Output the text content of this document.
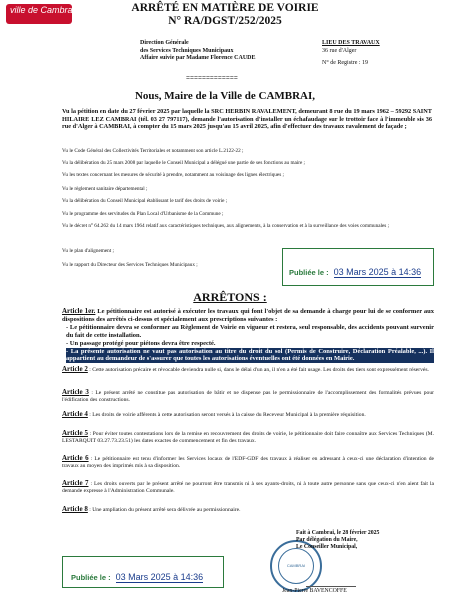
ville de Cambrai	ARRÊTÉ EN MATIÈRE DE VOIRIE
N° RA/DGST/252/2025
Direction Générale
des Services Techniques Municipaux
Affaire suivie par Madame Florence CAUDE
LIEU DES TRAVAUX
36 rue d'Alger
N° de Registre : 19
=============
Nous, Maire de la Ville de CAMBRAI,
Vu la pétition en date du 27 février 2025 par laquelle la SRC HERBIN RAVALEMENT, demeurant 8 rue du 19 mars 1962 – 59292 SAINT HILAIRE LEZ CAMBRAI (tél. 03 27 797117), demande l'autorisation d'installer un échafaudage sur le trottoir face à l'immeuble sis 36 rue d'Alger à CAMBRAI, à compter du 15 mars 2025 jusqu'au 15 avril 2025, afin d'effectuer des travaux ravalement de façade ;
Vu le Code Général des Collectivités Territoriales et notamment son article L.2122-22 ;
Vu la délibération du 25 mars 2008 par laquelle le Conseil Municipal a délégué une partie de ses fonctions au maire ;
Vu les textes concernant les mesures de sécurité à prendre, notamment au voisinage des lignes électriques ;
Vu le règlement sanitaire départemental ;
Vu la délibération du Conseil Municipal établissant le tarif des droits de voirie ;
Vu le programme des servitudes du Plan Local d'Urbanisme de la Commune ;
Vu le décret n° 64.262 du 14 mars 1964 relatif aux caractéristiques techniques, aux alignements, à la conservation et à la surveillance des voies communales ;
Vu le plan d'alignement ;
Vu le rapport du Directeur des Services Techniques Municipaux ;
Publiée le : 03 Mars 2025 à 14:36
ARRÊTONS :
Article 1er. Le pétitionnaire est autorisé à exécuter les travaux qui font l'objet de sa demande à charge pour lui de se conformer aux dispositions des arrêtés ci-dessus et spécialement aux prescriptions suivantes :
- Le pétitionnaire devra se conformer au Règlement de Voirie en vigueur et restera, seul responsable, des accidents pouvant survenir du fait de cette installation.
- Un passage protégé pour piétons devra être respecté.
- La présente autorisation ne vaut pas autorisation au titre du droit du sol (Permis de Construire, Déclaration Préalable, ...). Il appartient au demandeur de s'assurer que toutes les autorisations éventuelles ont été données en Mairie.
Article 2 : Cette autorisation précaire et révocable deviendra nulle si, dans le délai d'un an, il n'en a été fait usage. Les droits des tiers sont expressément réservés.
Article 3 : Le présent arrêté ne constitue pas autorisation de bâtir et ne dispense pas le permissionnaire de l'accomplissement des formalités prévues pour l'édification des constructions.
Article 4 : Les droits de voirie afférents à cette autorisation seront versés à la caisse du Receveur Municipal à la première réquisition.
Article 5 : Pour éviter toutes contestations lors de la remise en recouvrement des droits de voirie, le pétitionnaire doit faire connaître aux Services Techniques (M. LESTARQUIT 03.27.73.23.51) les dates exactes de commencement et fin des travaux.
Article 6 : Le pétitionnaire est tenu d'informer les Services locaux de l'EDF-GDF des travaux à réaliser en adressant à ceux-ci une déclaration d'intention de travaux au moyen des imprimés mis à sa disposition.
Article 7 : Les droits ouverts par le présent arrêté ne pourront être transmis ni à ses ayants-droits, ni à toute autre personne sans que ceux-ci n'en aient fait la demande expresse à l'Administration Communale.
Article 8 : Une ampliation du présent arrêté sera délivrée au permissionnaire.
Publiée le : 03 Mars 2025 à 14:36
CAMBRAI
Fait à Cambrai, le 28 février 2025
Par délégation du Maire,
Le Conseiller Municipal,
Jean-Pierre BAVENCOFFE
